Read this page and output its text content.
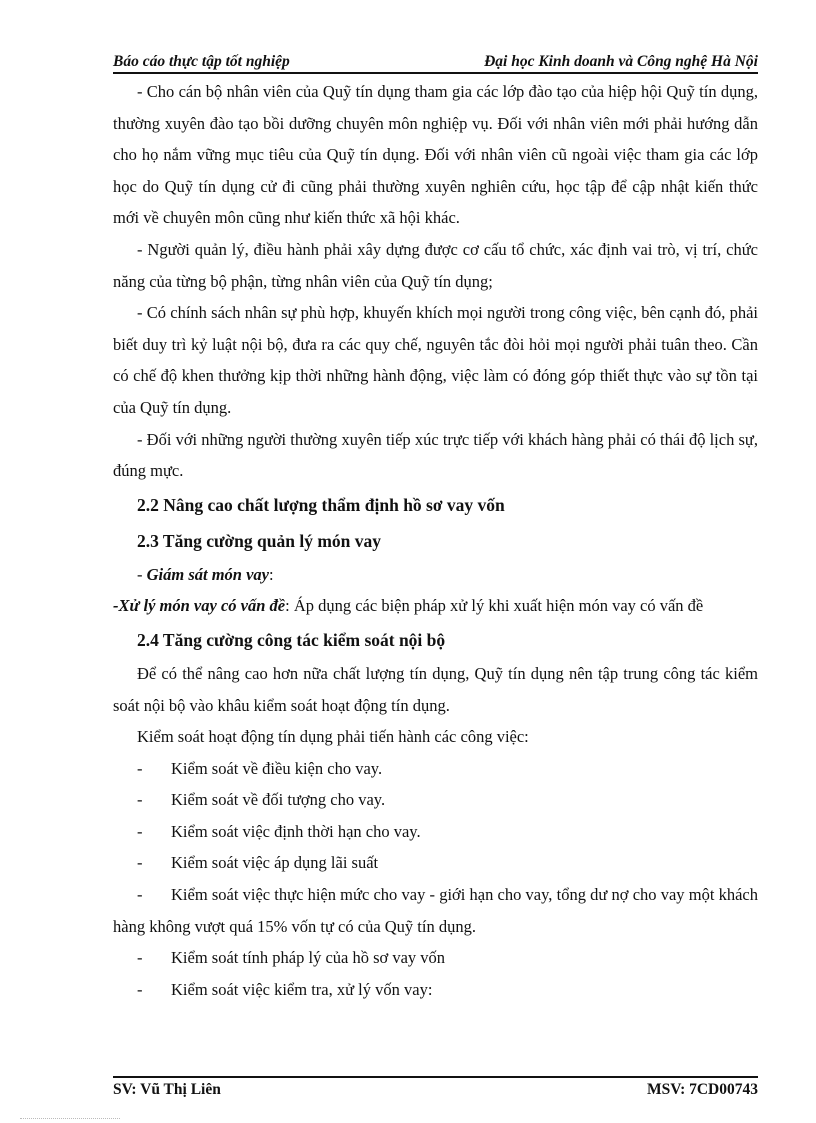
Báo cáo thực tập tốt nghiệp	Đại học Kinh doanh và Công nghệ Hà Nội

- Cho cán bộ nhân viên của Quỹ tín dụng tham gia các lớp đào tạo của hiệp hội Quỹ tín dụng, thường xuyên đào tạo bồi dưỡng chuyên môn nghiệp vụ. Đối với nhân viên mới phải hướng dẫn cho họ nắm vững mục tiêu của Quỹ tín dụng. Đối với nhân viên cũ ngoài việc tham gia các lớp học do Quỹ tín dụng cử đi cũng phải thường xuyên nghiên cứu, học tập để cập nhật kiến thức mới về chuyên môn cũng như kiến thức xã hội khác.

- Người quản lý, điều hành phải xây dựng được cơ cấu tổ chức, xác định vai trò, vị trí, chức năng của từng bộ phận, từng nhân viên của Quỹ tín dụng;

- Có chính sách nhân sự phù hợp, khuyến khích mọi người trong công việc, bên cạnh đó, phải biết duy trì kỷ luật nội bộ, đưa ra các quy chế, nguyên tắc đòi hỏi mọi người phải tuân theo. Cần có chế độ khen thưởng kịp thời những hành động, việc làm có đóng góp thiết thực vào sự tồn tại của Quỹ tín dụng.

- Đối với những người thường xuyên tiếp xúc trực tiếp với khách hàng phải có thái độ lịch sự, đúng mực.

2.2 Nâng cao chất lượng thẩm định hồ sơ vay vốn

2.3 Tăng cường quản lý món vay

- Giám sát món vay:

-Xử lý món vay có vấn đề: Áp dụng các biện pháp xử lý khi xuất hiện món vay có vấn đề

2.4 Tăng cường công tác kiểm soát nội bộ

Để có thể nâng cao hơn nữa chất lượng tín dụng, Quỹ tín dụng nên tập trung công tác kiểm soát nội bộ vào khâu kiểm soát hoạt động tín dụng.

Kiểm soát hoạt động tín dụng phải tiến hành các công việc:

-	Kiểm soát về điều kiện cho vay.

-	Kiểm soát về đối tượng cho vay.

-	Kiểm soát việc định thời hạn cho vay.

-	Kiểm soát việc áp dụng lãi suất

- Kiểm soát việc thực hiện mức cho vay - giới hạn cho vay, tổng dư nợ cho vay một khách hàng không vượt quá 15% vốn tự có của Quỹ tín dụng.

-	Kiểm soát tính pháp lý của hồ sơ vay vốn

-	Kiểm soát việc kiểm tra, xử lý vốn vay:

SV: Vũ Thị Liên	MSV: 7CD00743
